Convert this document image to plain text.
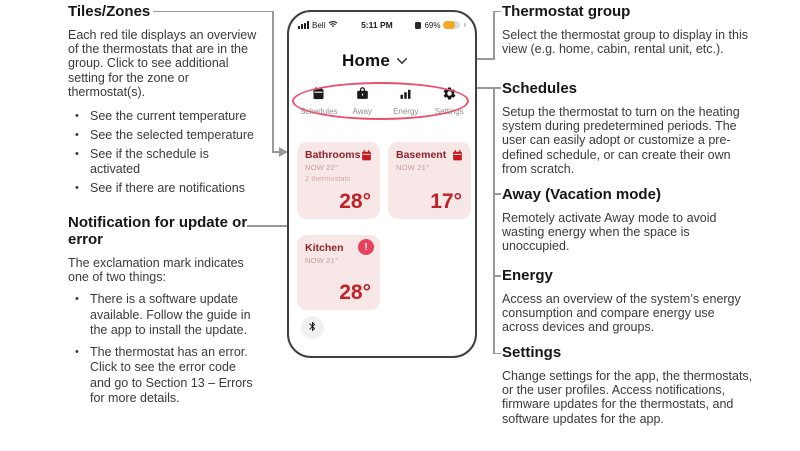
Tiles/Zones
Each red tile displays an overview of the thermostats that are in the group. Click to see additional setting for the zone or thermostat(s).
• See the current temperature
• See the selected temperature
• See if the schedule is activated
• See if there are notifications
Notification for update or error
The exclamation mark indicates one of two things:
• There is a software update available. Follow the guide in the app to install the update.
• The thermostat has an error. Click to see the error code and go to Section 13 – Errors for more details.
Thermostat group
Select the thermostat group to display in this view (e.g. home, cabin, rental unit, etc.).
Schedules
Setup the thermostat to turn on the heating system during predetermined periods. The user can easily adopt or customize a pre-defined schedule, or can create their own from scratch.
Away (Vacation mode)
Remotely activate Away mode to avoid wasting energy when the space is unoccupied.
Energy
Access an overview of the system’s energy consumption and compare energy use across devices and groups.
Settings
Change settings for the app, the thermostats, or the user profiles. Access notifications, firmware updates for the thermostats, and software updates for the app.
Bell	5:11 PM	69%
Home
Schedules Away	Energy Settings
Bathrooms
NOW 22°
2 thermostats
28°
Basement
NOW 21°
17°
Kitchen
NOW 21°
!
28°
